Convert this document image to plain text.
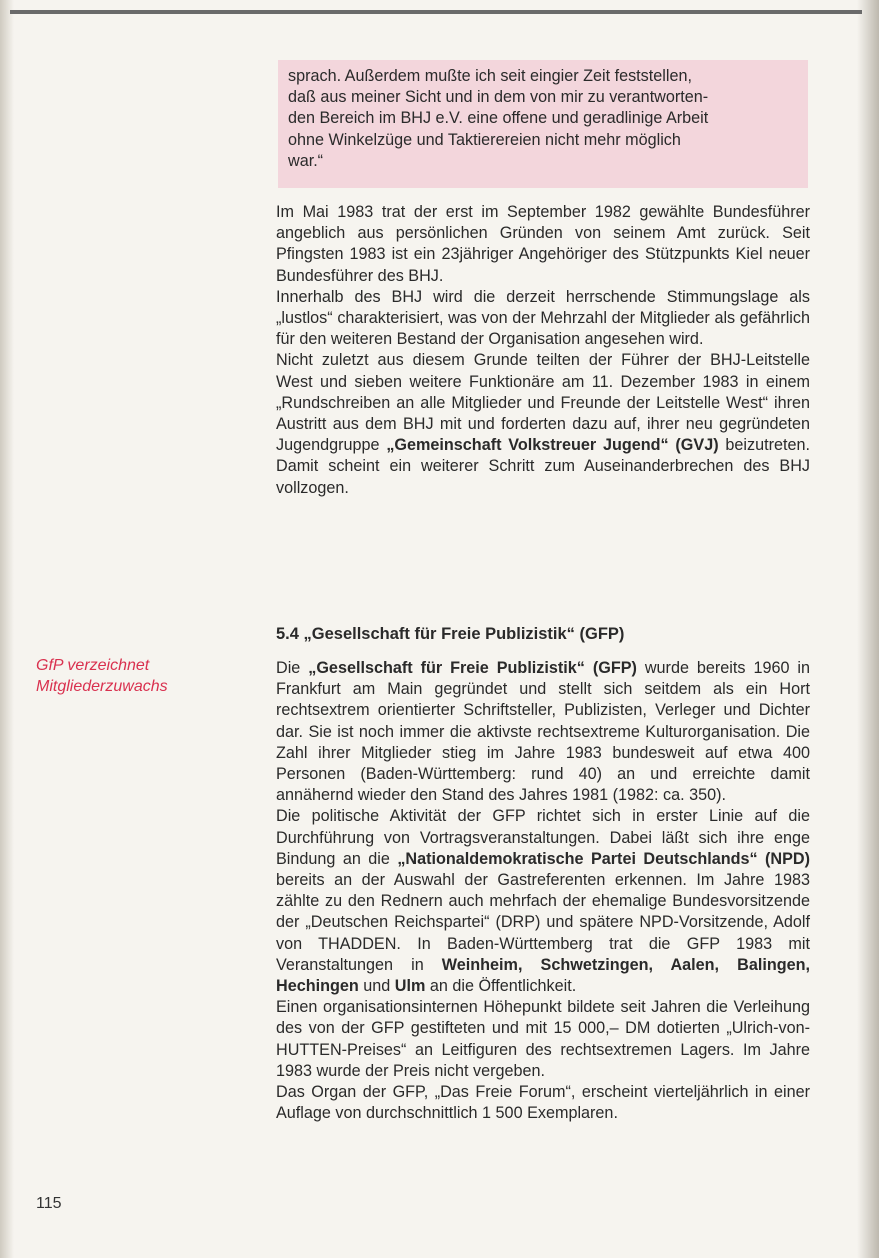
sprach. Außerdem mußte ich seit eingier Zeit feststellen,
daß aus meiner Sicht und in dem von mir zu verantworten-
den Bereich im BHJ e.V. eine offene und geradlinige Arbeit
ohne Winkelzüge und Taktierereien nicht mehr möglich
war.“

Im Mai 1983 trat der erst im September 1982 gewählte Bundesführer angeblich aus persönlichen Gründen von seinem Amt zurück. Seit Pfingsten 1983 ist ein 23jähriger Angehöriger des Stützpunkts Kiel neuer Bundesführer des BHJ.

Innerhalb des BHJ wird die derzeit herrschende Stimmungslage als „lustlos“ charakterisiert, was von der Mehrzahl der Mitglieder als gefährlich für den weiteren Bestand der Organisation angesehen wird.

Nicht zuletzt aus diesem Grunde teilten der Führer der BHJ-Leitstelle West und sieben weitere Funktionäre am 11. Dezember 1983 in einem „Rundschreiben an alle Mitglieder und Freunde der Leitstelle West“ ihren Austritt aus dem BHJ mit und forderten dazu auf, ihrer neu gegründeten Jugendgruppe „Gemeinschaft Volkstreuer Jugend“ (GVJ) beizutreten. Damit scheint ein weiterer Schritt zum Auseinanderbrechen des BHJ vollzogen.

5.4 „Gesellschaft für Freie Publizistik“ (GFP)
GfP verzeichnet Mitgliederzuwachs

Die „Gesellschaft für Freie Publizistik“ (GFP) wurde bereits 1960 in Frankfurt am Main gegründet und stellt sich seitdem als ein Hort rechtsextrem orientierter Schriftsteller, Publizisten, Verleger und Dichter dar. Sie ist noch immer die aktivste rechtsextreme Kulturorganisation. Die Zahl ihrer Mitglieder stieg im Jahre 1983 bundesweit auf etwa 400 Personen (Baden-Württemberg: rund 40) an und erreichte damit annähernd wieder den Stand des Jahres 1981 (1982: ca. 350).

Die politische Aktivität der GFP richtet sich in erster Linie auf die Durchführung von Vortragsveranstaltungen. Dabei läßt sich ihre enge Bindung an die „Nationaldemokratische Partei Deutschlands“ (NPD) bereits an der Auswahl der Gastreferenten erkennen. Im Jahre 1983 zählte zu den Rednern auch mehrfach der ehemalige Bundesvorsitzende der „Deutschen Reichspartei“ (DRP) und spätere NPD-Vorsitzende, Adolf von THADDEN. In Baden-Württemberg trat die GFP 1983 mit Veranstaltungen in Weinheim, Schwetzingen, Aalen, Balingen, Hechingen und Ulm an die Öffentlichkeit.

Einen organisationsinternen Höhepunkt bildete seit Jahren die Verleihung des von der GFP gestifteten und mit 15 000,– DM dotierten „Ulrich-von-HUTTEN-Preises“ an Leitfiguren des rechtsextremen Lagers. Im Jahre 1983 wurde der Preis nicht vergeben.

Das Organ der GFP, „Das Freie Forum“, erscheint vierteljährlich in einer Auflage von durchschnittlich 1 500 Exemplaren.

115
